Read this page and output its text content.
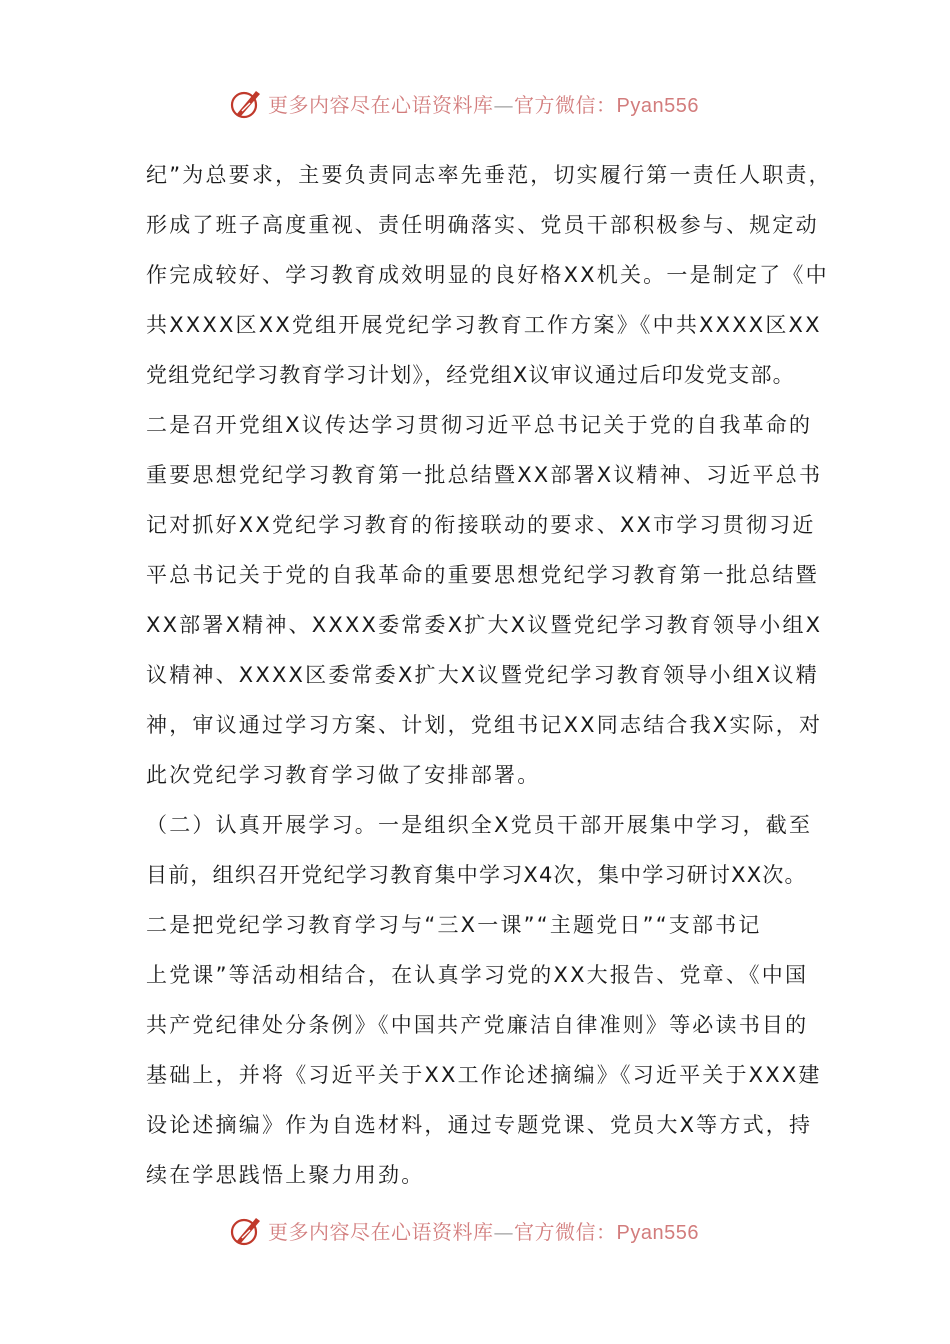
更多内容尽在心语资料库—官方微信：Pyan556
纪”为总要求，主要负责同志率先垂范，切实履行第一责任人职责，
形成了班子高度重视、责任明确落实、党员干部积极参与、规定动
作完成较好、学习教育成效明显的良好格XX机关。一是制定了《中
共XXXX区XX党组开展党纪学习教育工作方案》《中共XXXX区XX
党组党纪学习教育学习计划》，经党组X议审议通过后印发党支部。
二是召开党组X议传达学习贯彻习近平总书记关于党的自我革命的
重要思想党纪学习教育第一批总结暨XX部署X议精神、习近平总书
记对抓好XX党纪学习教育的衔接联动的要求、XX市学习贯彻习近
平总书记关于党的自我革命的重要思想党纪学习教育第一批总结暨
XX部署X精神、XXXX委常委X扩大X议暨党纪学习教育领导小组X
议精神、XXXX区委常委X扩大X议暨党纪学习教育领导小组X议精
神，审议通过学习方案、计划，党组书记XX同志结合我X实际，对
此次党纪学习教育学习做了安排部署。
（二）认真开展学习。一是组织全X党员干部开展集中学习，截至
目前，组织召开党纪学习教育集中学习X4次，集中学习研讨XX次。
二是把党纪学习教育学习与“三X一课”“主题党日”“支部书记
上党课”等活动相结合，在认真学习党的XX大报告、党章、《中国
共产党纪律处分条例》《中国共产党廉洁自律准则》等必读书目的
基础上，并将《习近平关于XX工作论述摘编》《习近平关于XXX建
设论述摘编》作为自选材料，通过专题党课、党员大X等方式，持
续在学思践悟上聚力用劲。
更多内容尽在心语资料库—官方微信：Pyan556
